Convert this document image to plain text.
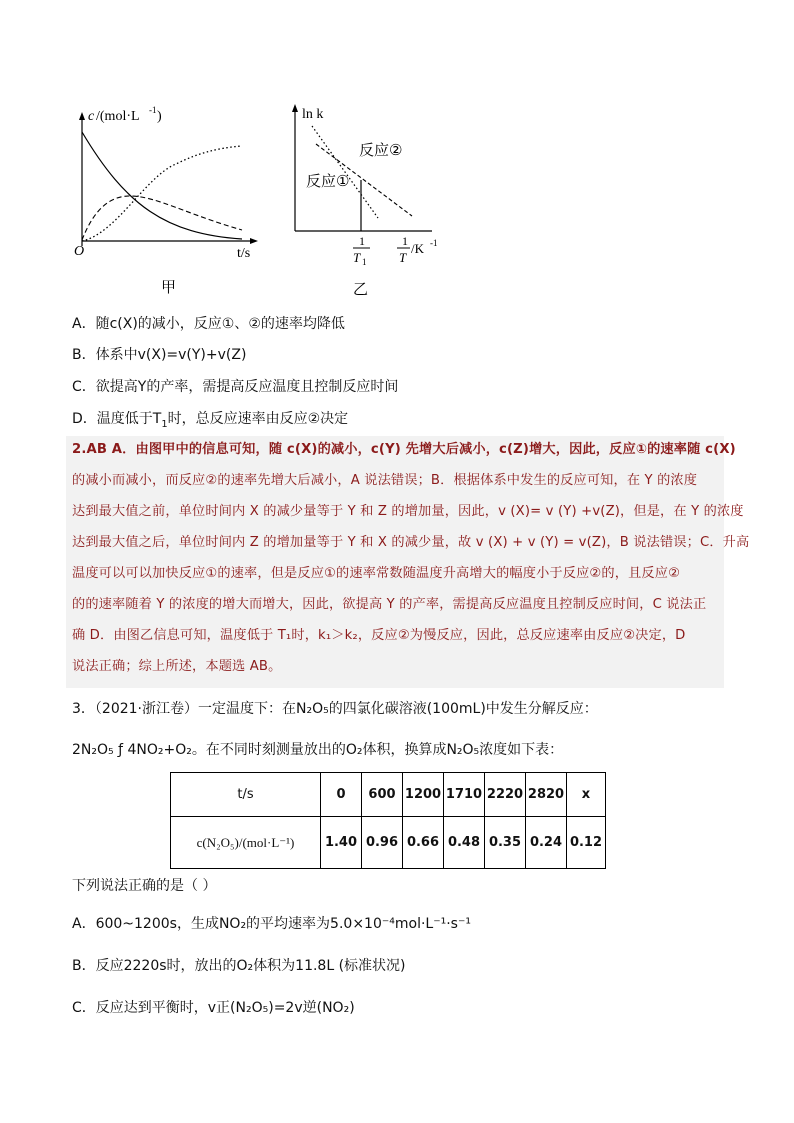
c /(mol·L -1 )
O	t/s
甲
ln k
反应②
反应①
1
T 1
1
T
/K -1
乙
A．随c(X)的减小，反应①、②的速率均降低
B．体系中v(X)=v(Y)+v(Z)
C．欲提高Y的产率，需提高反应温度且控制反应时间
D．温度低于$T_1$时，总反应速率由反应②决定
2.AB A．由图甲中的信息可知，随 c(X)的减小，c(Y) 先增大后减小，c(Z)增大，因此，反应①的速率随 c(X)
的减小而减小，而反应②的速率先增大后减小，A 说法错误；B．根据体系中发生的反应可知，在 Y 的浓度
达到最大值之前，单位时间内 X 的减少量等于 Y 和 Z 的增加量，因此，v (X)= v (Y) +v(Z)，但是，在 Y 的浓度
达到最大值之后，单位时间内 Z 的增加量等于 Y 和 X 的减少量，故 v (X) + v (Y) = v(Z)，B 说法错误；C．升高
温度可以可以加快反应①的速率，但是反应①的速率常数随温度升高增大的幅度小于反应②的，且反应②
的的速率随着 Y 的浓度的增大而增大，因此，欲提高 Y 的产率，需提高反应温度且控制反应时间，C 说法正
确 D．由图乙信息可知，温度低于 T₁时，k₁＞k₂，反应②为慢反应，因此，总反应速率由反应②决定，D
说法正确；综上所述，本题选 AB。
3．（2021·浙江卷）一定温度下：在N₂O₅的四氯化碳溶液(100mL)中发生分解反应：
2N₂O₅ ƒ 4NO₂+O₂。在不同时刻测量放出的O₂体积，换算成N₂O₅浓度如下表：
t/s	0	600	1200	1710	2220	2820	x
c(N₂O₅)/(mol·L⁻¹)	1.40	0.96	0.66	0.48	0.35	0.24	0.12
下列说法正确的是（ ）
A．600~1200s，生成NO₂的平均速率为5.0×10⁻⁴mol·L⁻¹·s⁻¹
B．反应2220s时，放出的O₂体积为11.8L (标准状况)
C．反应达到平衡时，v正(N₂O₅)=2v逆(NO₂)
